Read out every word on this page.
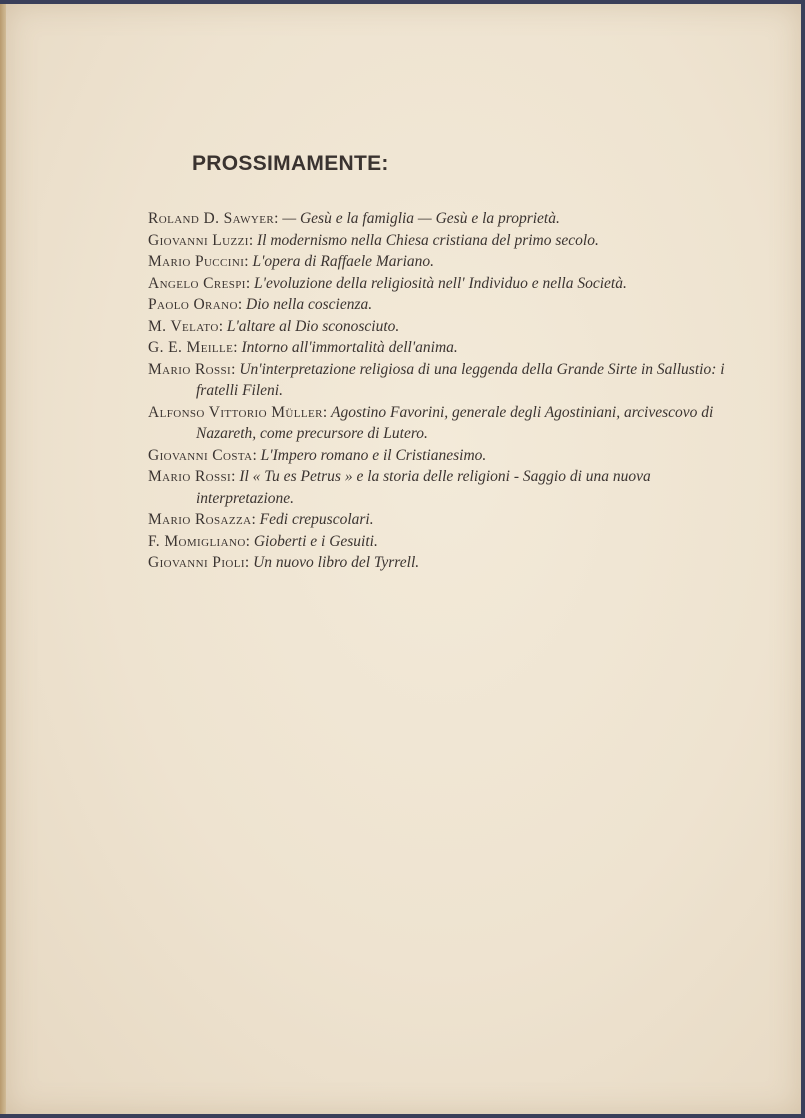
PROSSIMAMENTE:

Roland D. Sawyer: — Gesù e la famiglia — Gesù e la proprietà.

Giovanni Luzzi: Il modernismo nella Chiesa cristiana del primo secolo.

Mario Puccini: L'opera di Raffaele Mariano.

Angelo Crespi: L'evoluzione della religiosità nell' Individuo e nella Società.

Paolo Orano: Dio nella coscienza.

M. Velato: L'altare al Dio sconosciuto.

G. E. Meille: Intorno all'immortalità dell'anima.

Mario Rossi: Un'interpretazione religiosa di una leggenda della Grande Sirte in Sallustio: i fratelli Fileni.

Alfonso Vittorio Müller: Agostino Favorini, generale degli Agostiniani, arcivescovo di Nazareth, come precursore di Lutero.

Giovanni Costa: L'Impero romano e il Cristianesimo.

Mario Rossi: Il « Tu es Petrus » e la storia delle religioni - Saggio di una nuova interpretazione.

Mario Rosazza: Fedi crepuscolari.

F. Momigliano: Gioberti e i Gesuiti.

Giovanni Pioli: Un nuovo libro del Tyrrell.
